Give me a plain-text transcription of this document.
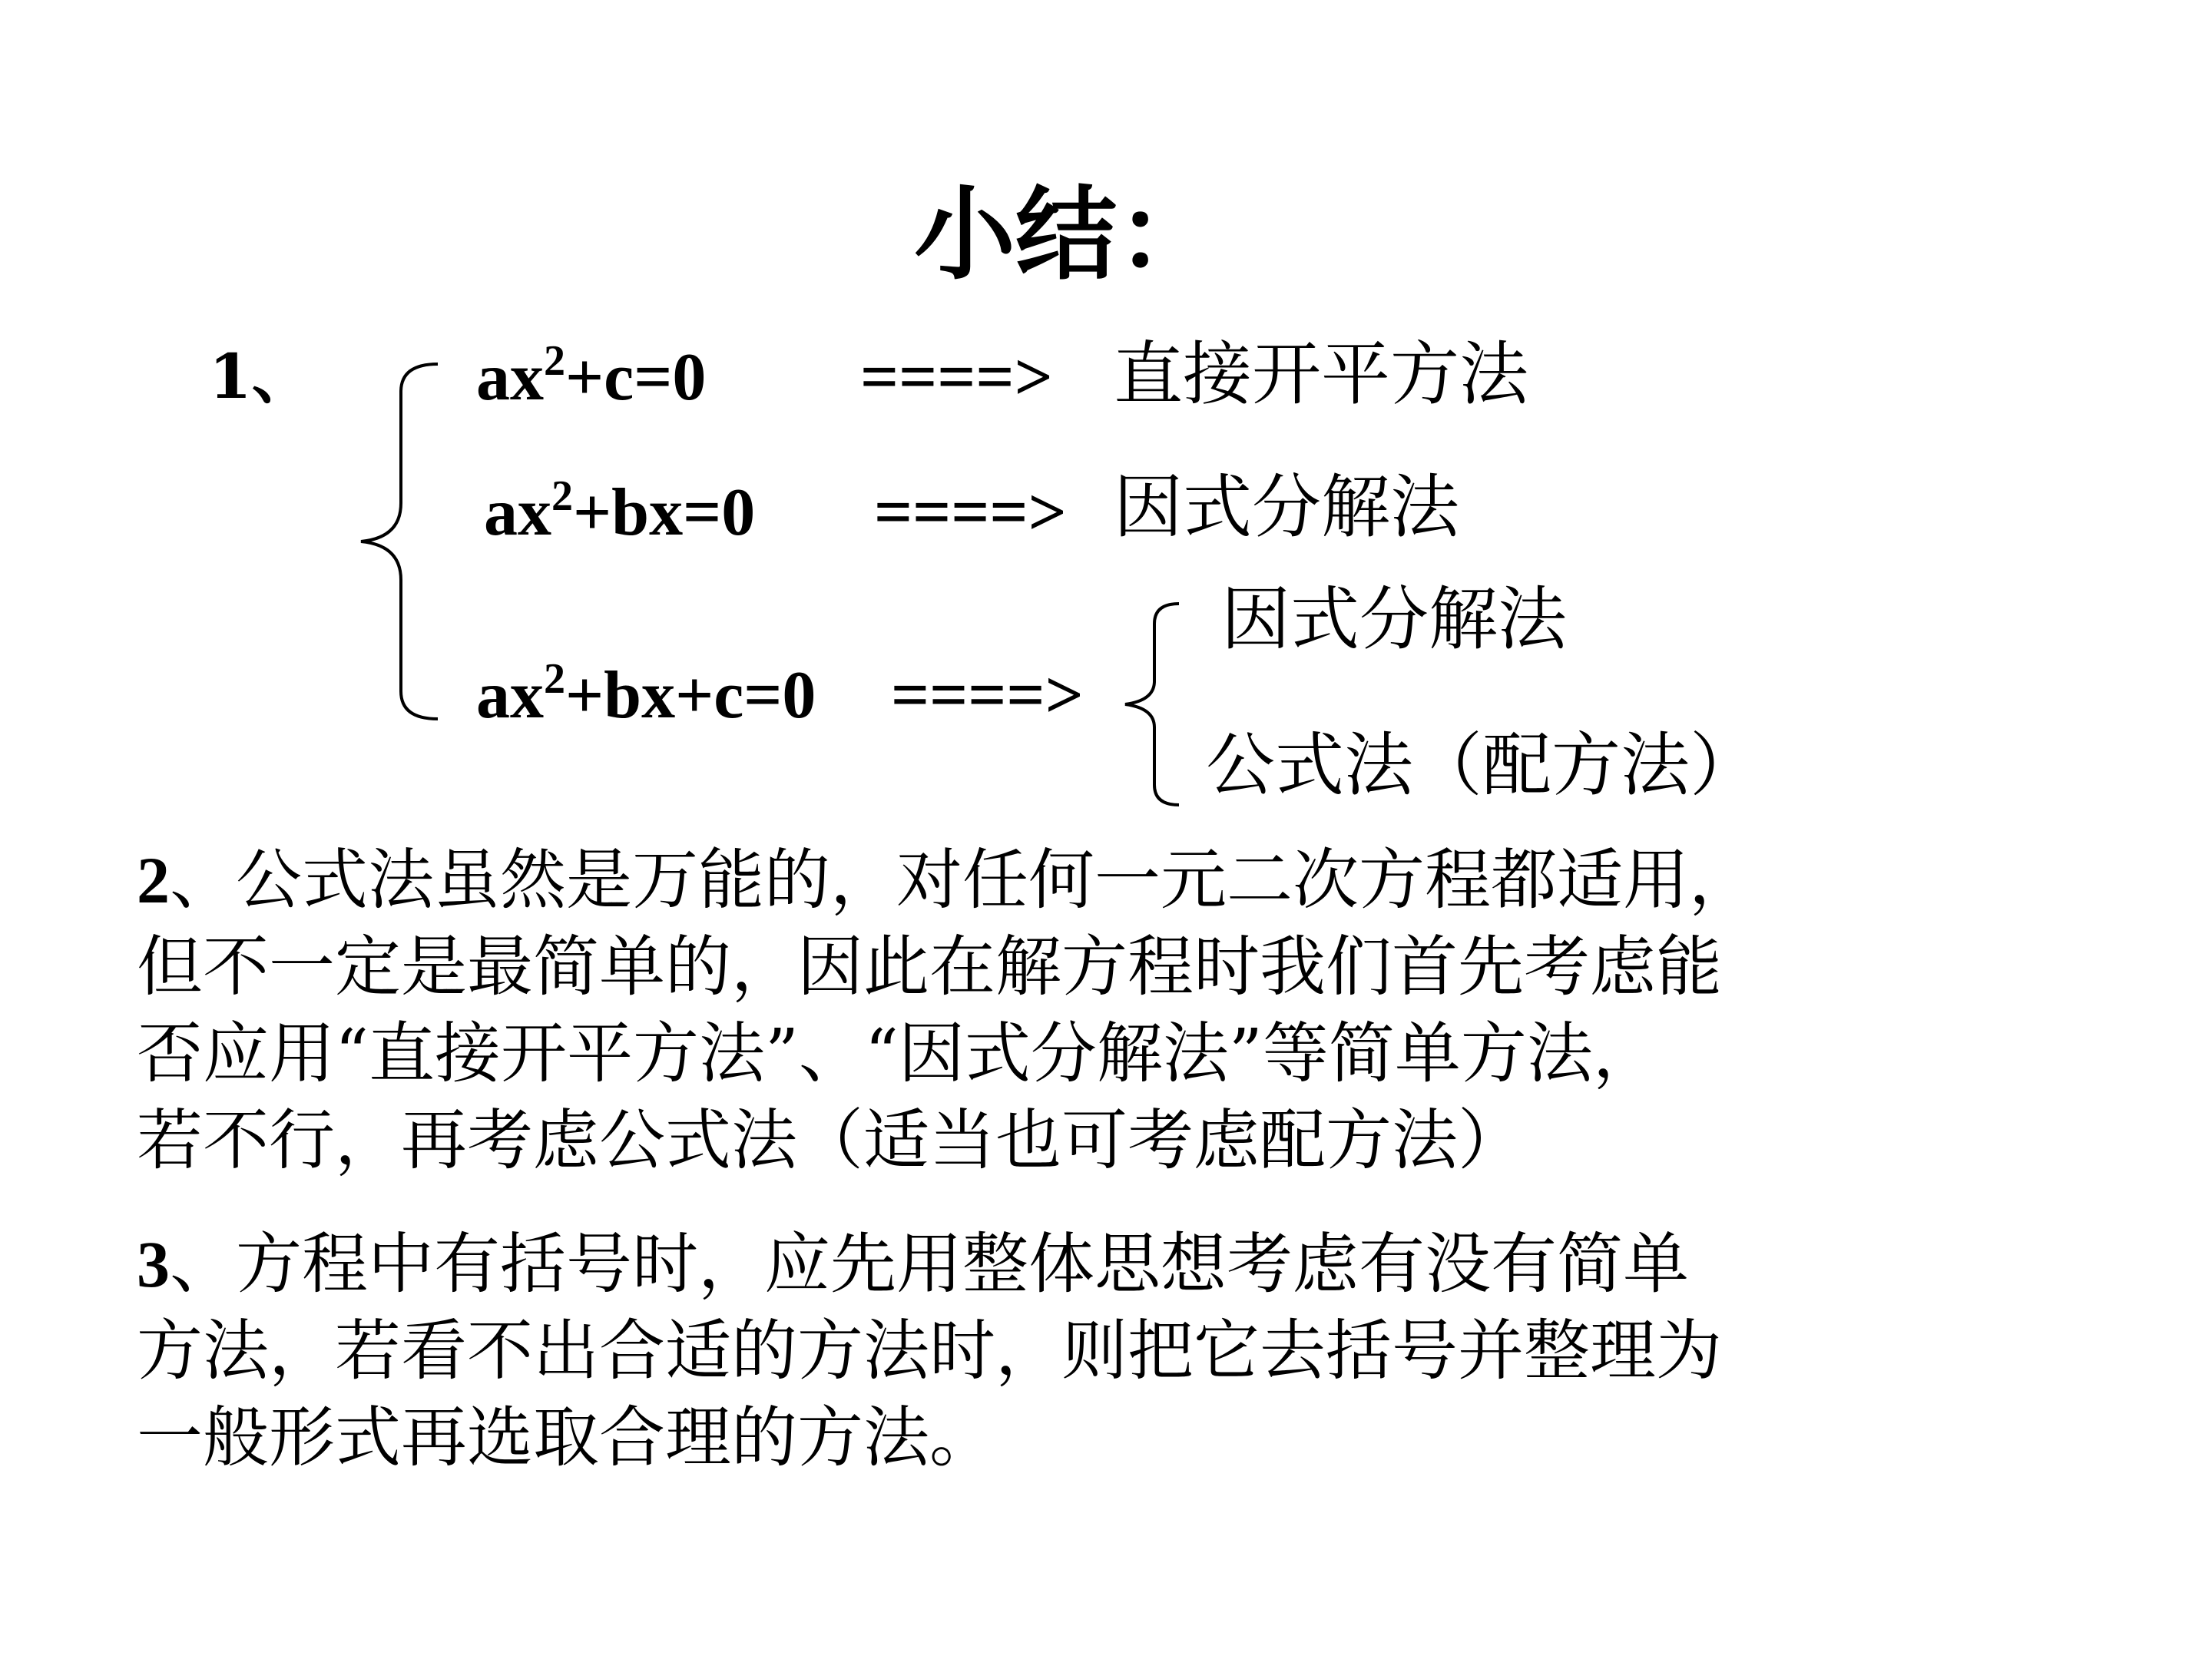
小结：
1、 $ax^2+c=0$ ====> 直接开平方法
$ax^2+bx=0$ ====> 因式分解法
因式分解法
$ax^2+bx+c=0$ ====>
公式法（配方法）
2、公式法虽然是万能的，对任何一元二次方程都适用，
但不一定是最简单的，因此在解方程时我们首先考虑能
否应用“直接开平方法”、“因式分解法”等简单方法，
若不行，再考虑公式法（适当也可考虑配方法）
3、方程中有括号时，应先用整体思想考虑有没有简单
方法，若看不出合适的方法时，则把它去括号并整理为
一般形式再选取合理的方法。
